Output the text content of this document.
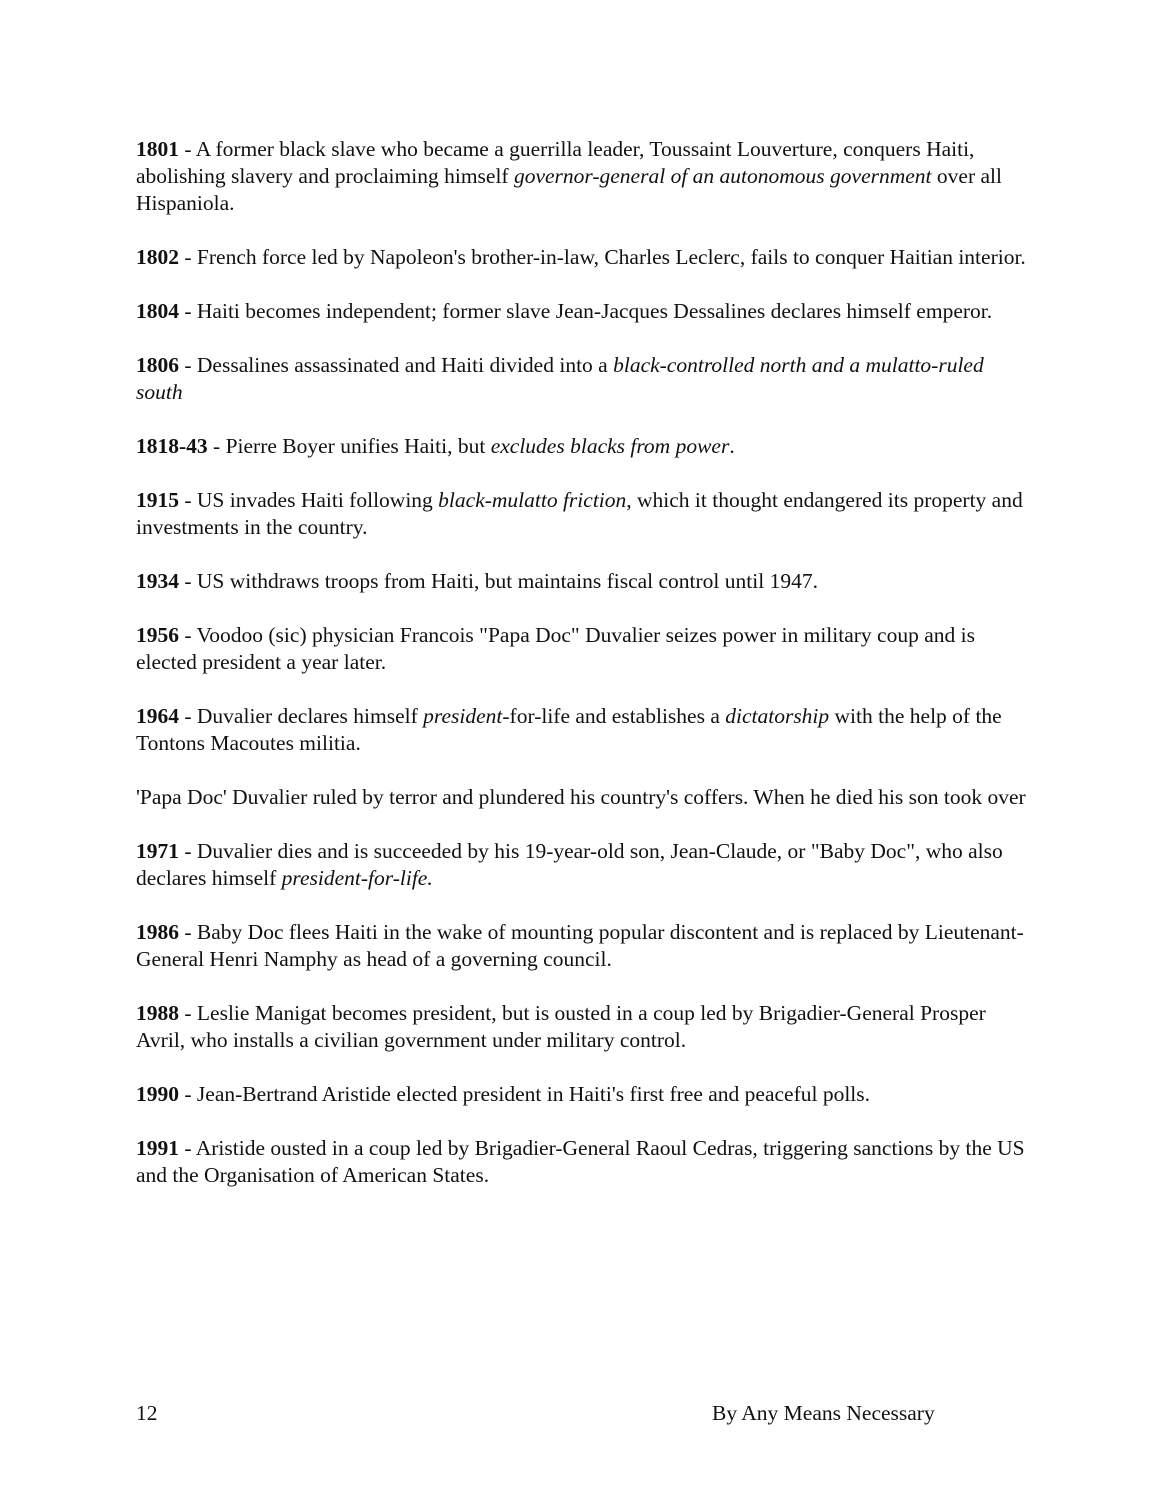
1801 - A former black slave who became a guerrilla leader, Toussaint Louverture, conquers Haiti, abolishing slavery and proclaiming himself governor-general of an autonomous government over all Hispaniola.

1802 - French force led by Napoleon's brother-in-law, Charles Leclerc, fails to conquer Haitian interior.

1804 - Haiti becomes independent; former slave Jean-Jacques Dessalines declares himself emperor.

1806 - Dessalines assassinated and Haiti divided into a black-controlled north and a mulatto-ruled south

1818-43 - Pierre Boyer unifies Haiti, but excludes blacks from power.

1915 - US invades Haiti following black-mulatto friction, which it thought endangered its property and investments in the country.

1934 - US withdraws troops from Haiti, but maintains fiscal control until 1947.

1956 - Voodoo (sic) physician Francois "Papa Doc" Duvalier seizes power in military coup and is elected president a year later.

1964 - Duvalier declares himself president-for-life and establishes a dictatorship with the help of the Tontons Macoutes militia.

'Papa Doc' Duvalier ruled by terror and plundered his country's coffers. When he died his son took over

1971 - Duvalier dies and is succeeded by his 19-year-old son, Jean-Claude, or "Baby Doc", who also declares himself president-for-life.

1986 - Baby Doc flees Haiti in the wake of mounting popular discontent and is replaced by Lieutenant-General Henri Namphy as head of a governing council.

1988 - Leslie Manigat becomes president, but is ousted in a coup led by Brigadier-General Prosper Avril, who installs a civilian government under military control.

1990 - Jean-Bertrand Aristide elected president in Haiti's first free and peaceful polls.

1991 - Aristide ousted in a coup led by Brigadier-General Raoul Cedras, triggering sanctions by the US and the Organisation of American States.

12	By Any Means Necessary
